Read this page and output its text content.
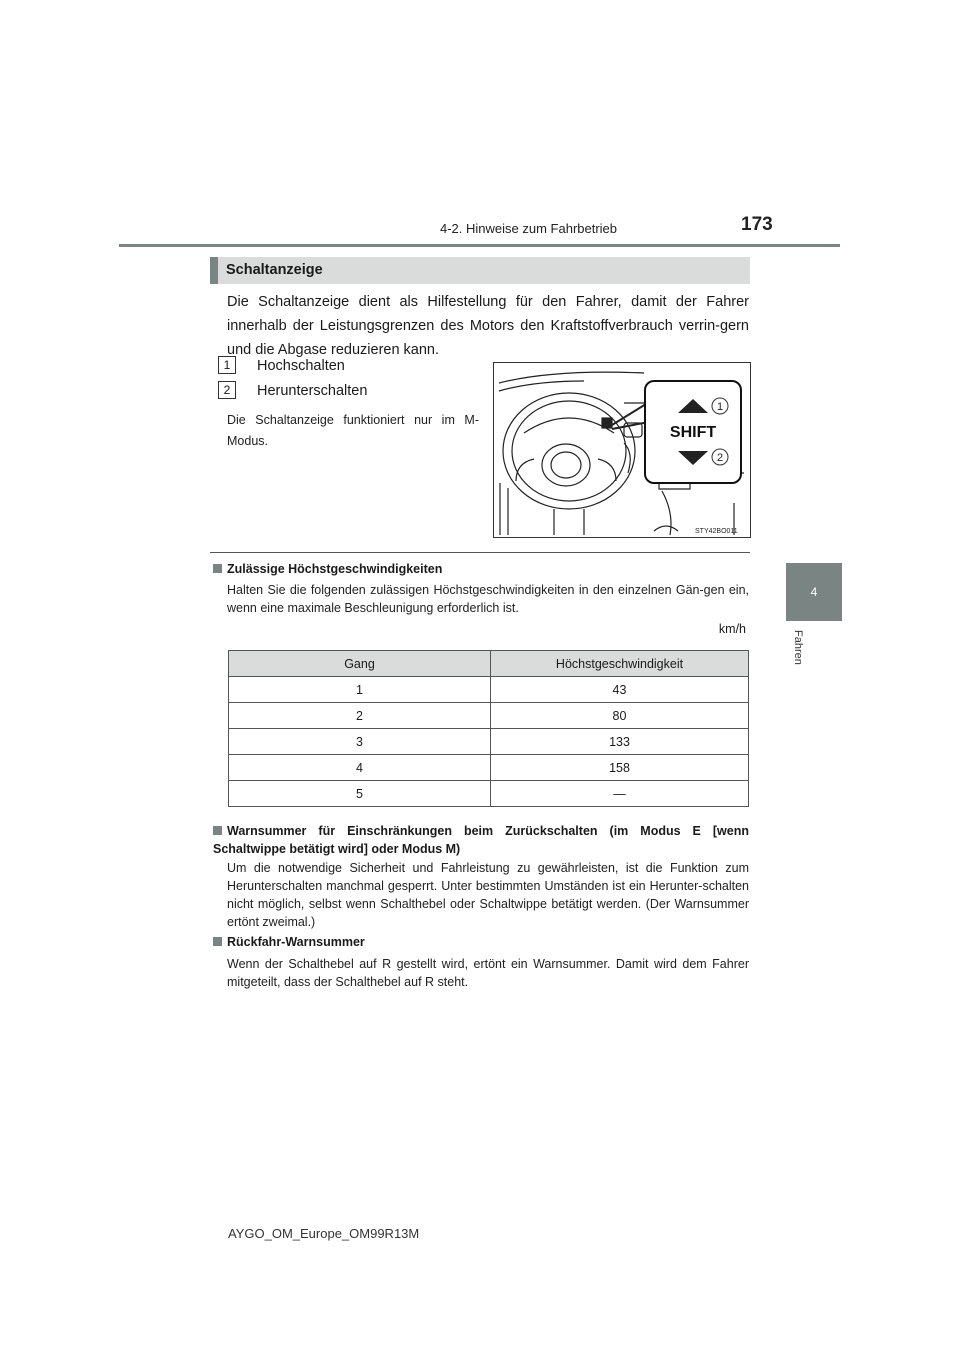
4-2. Hinweise zum Fahrbetrieb	173
4
Fahren
Schaltanzeige
Die Schaltanzeige dient als Hilfestellung für den Fahrer, damit der Fahrer innerhalb der Leistungsgrenzen des Motors den Kraftstoffverbrauch verrin-gern und die Abgase reduzieren kann.
1	Hochschalten
2	Herunterschalten
Die Schaltanzeige funktioniert nur im M-Modus.	SHIFT
1
2
STY42BO011
Zulässige Höchstgeschwindigkeiten
Halten Sie die folgenden zulässigen Höchstgeschwindigkeiten in den einzelnen Gän-gen ein, wenn eine maximale Beschleunigung erforderlich ist.
km/h
Gang	Höchstgeschwindigkeit
1	43
2	80
3	133
4	158
5	—
Warnsummer für Einschränkungen beim Zurückschalten (im Modus E [wenn Schaltwippe betätigt wird] oder Modus M)
Um die notwendige Sicherheit und Fahrleistung zu gewährleisten, ist die Funktion zum Herunterschalten manchmal gesperrt. Unter bestimmten Umständen ist ein Herunter-schalten nicht möglich, selbst wenn Schalthebel oder Schaltwippe betätigt werden. (Der Warnsummer ertönt zweimal.)
Rückfahr-Warnsummer
Wenn der Schalthebel auf R gestellt wird, ertönt ein Warnsummer. Damit wird dem Fahrer mitgeteilt, dass der Schalthebel auf R steht.
AYGO_OM_Europe_OM99R13M
